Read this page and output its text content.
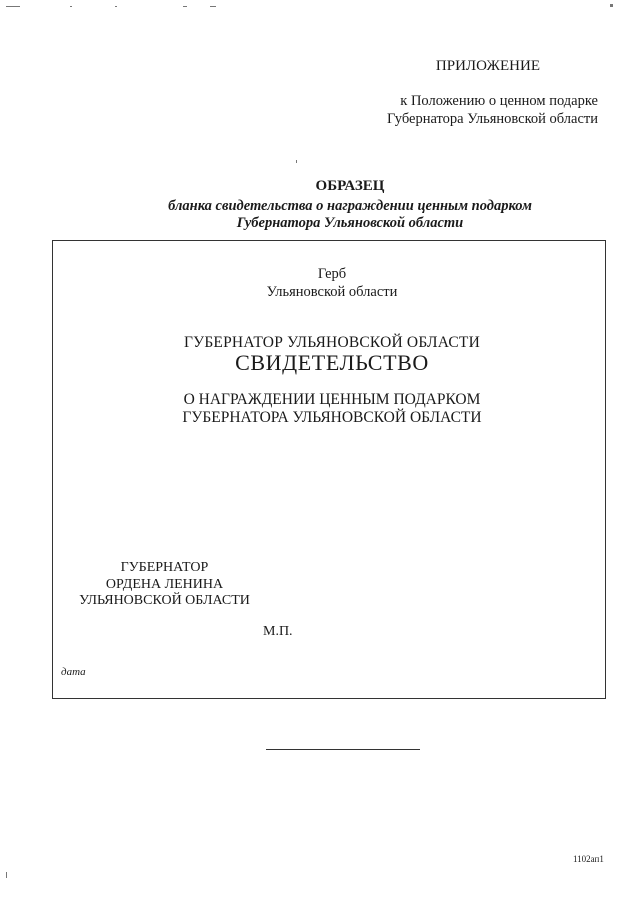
ПРИЛОЖЕНИЕ
к Положению о ценном подарке
Губернатора Ульяновской области
ОБРАЗЕЦ
бланка свидетельства о награждении ценным подарком
Губернатора Ульяновской области
Герб
Ульяновской области
ГУБЕРНАТОР УЛЬЯНОВСКОЙ ОБЛАСТИ
СВИДЕТЕЛЬСТВО
О НАГРАЖДЕНИИ ЦЕННЫМ ПОДАРКОМ
ГУБЕРНАТОРА УЛЬЯНОВСКОЙ ОБЛАСТИ
ГУБЕРНАТОР
ОРДЕНА ЛЕНИНА
УЛЬЯНОВСКОЙ ОБЛАСТИ
М.П.
дата
1102ап1
